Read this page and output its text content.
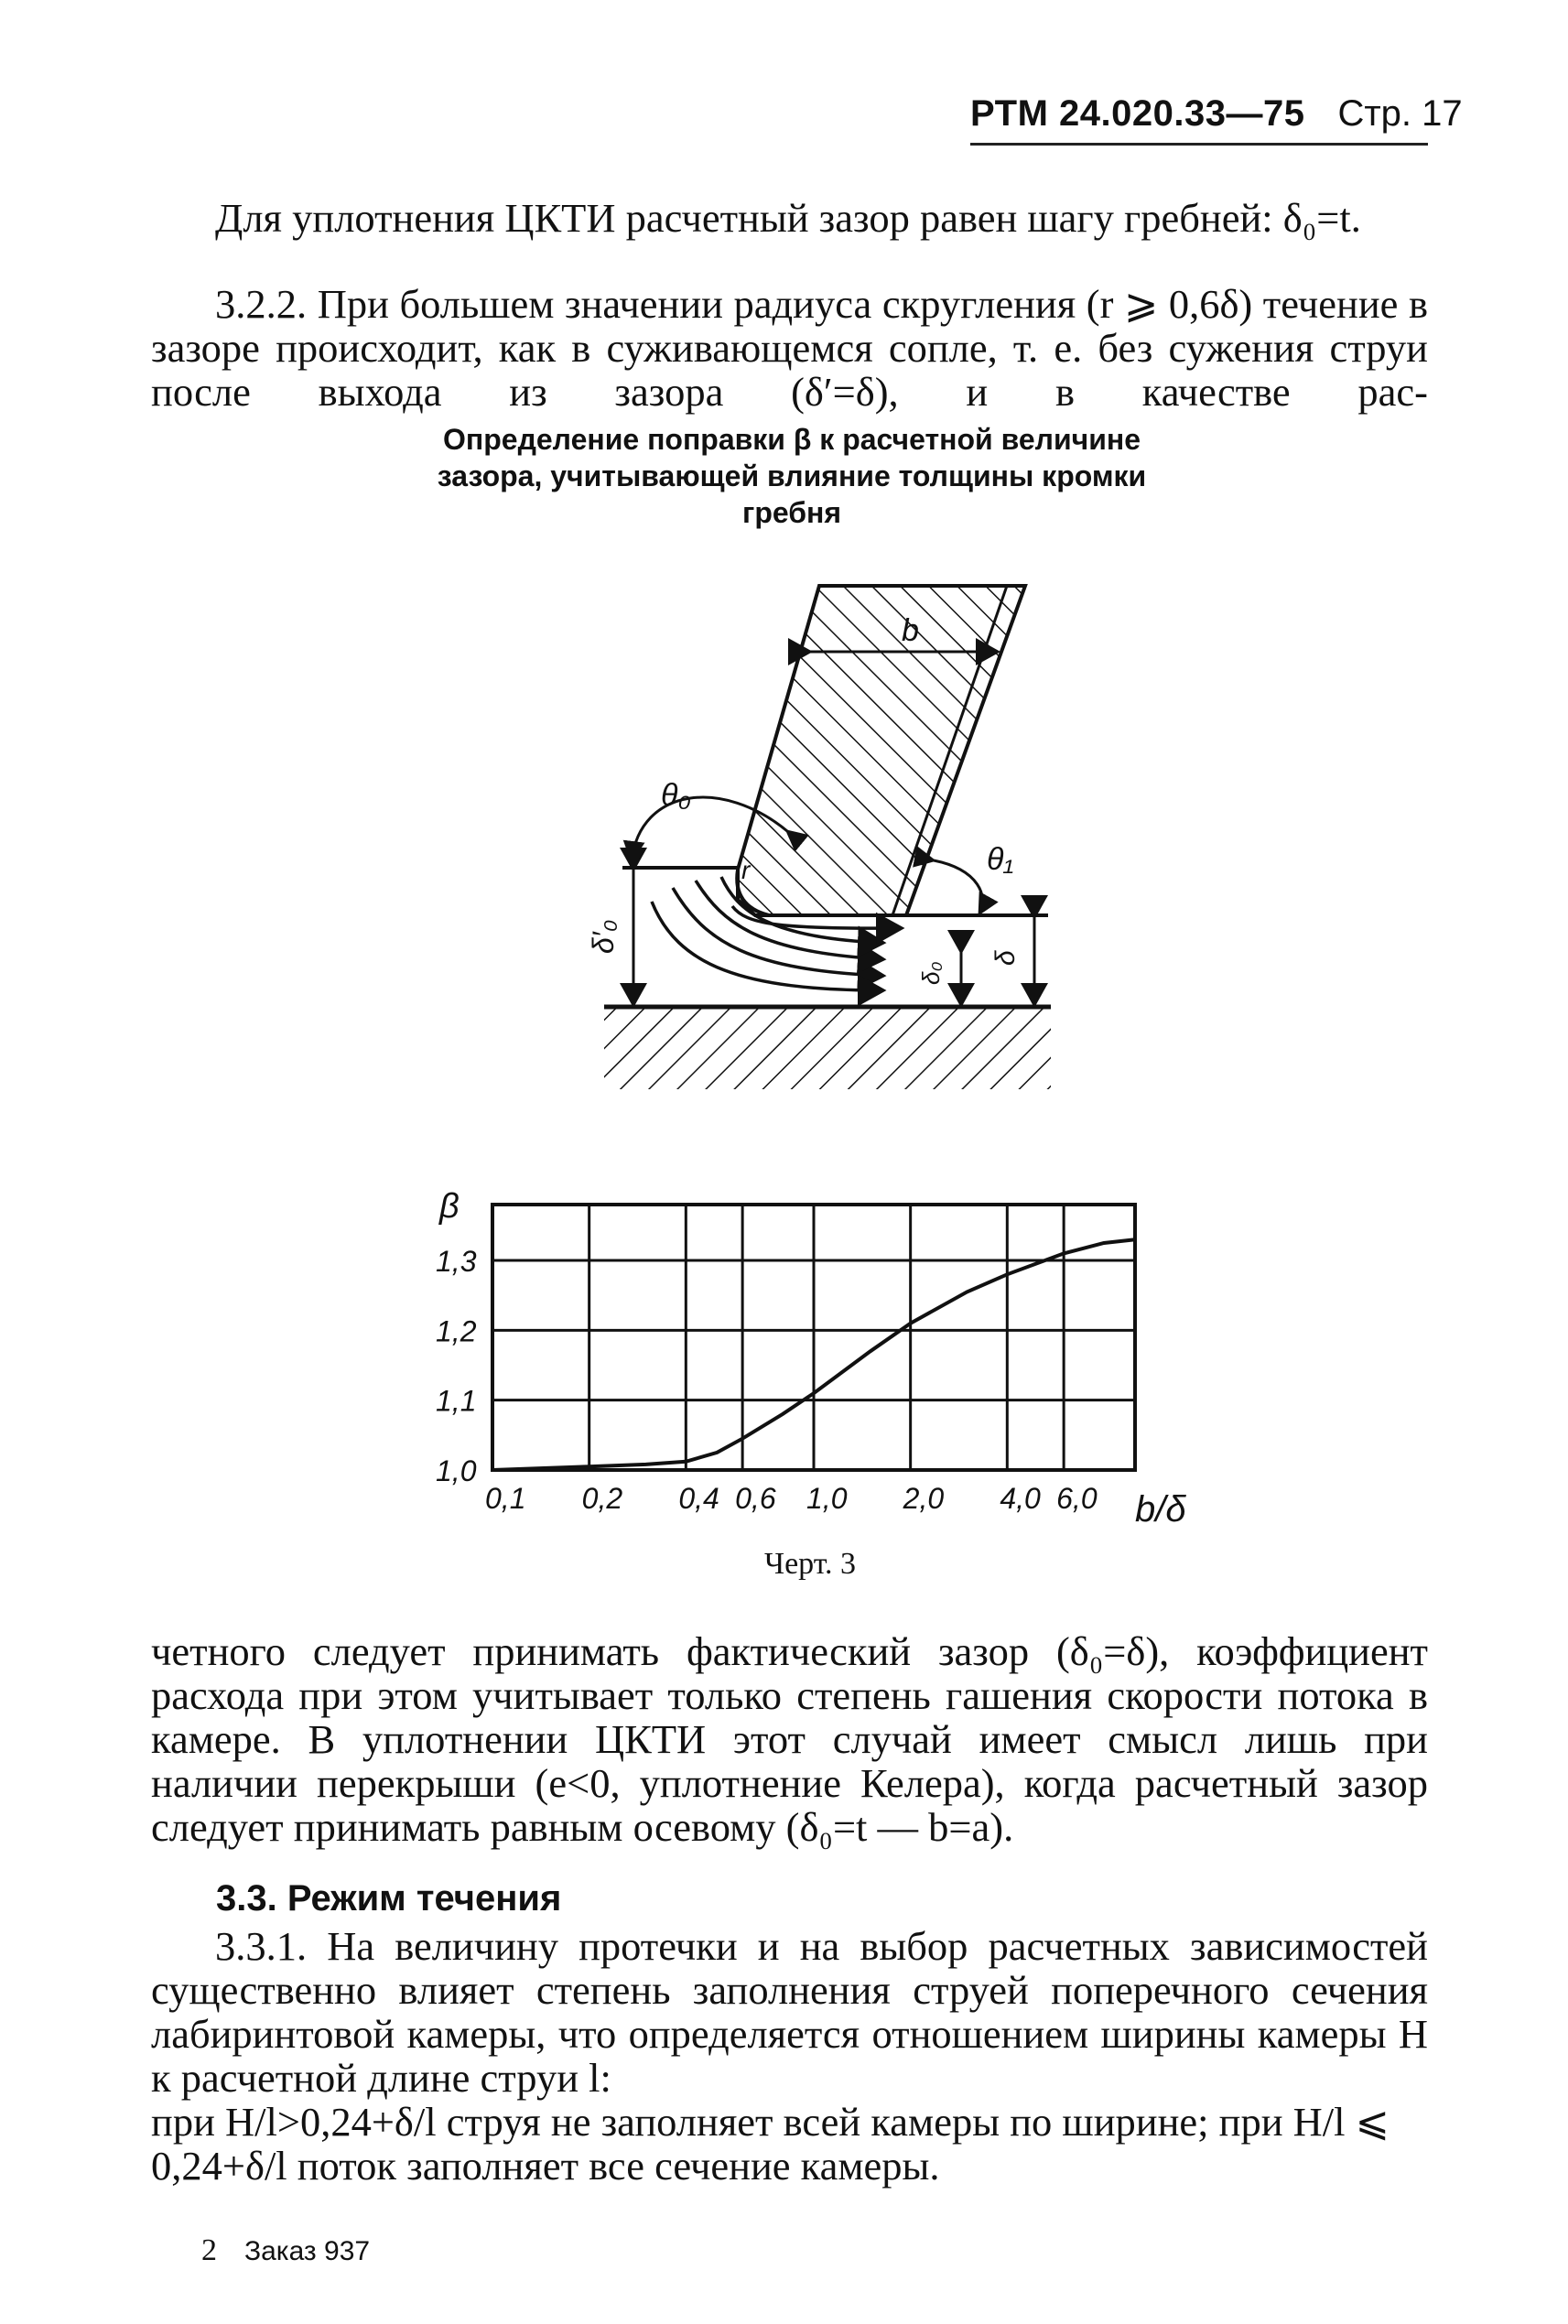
РТМ 24.020.33—75 Стр. 17

Для уплотнения ЦКТИ расчетный зазор равен шагу гребней: δ₀=t.

3.2.2. При большем значении радиуса скругления (r ⩾ 0,6δ) течение в зазоре происходит, как в суживающемся сопле, т. е. без сужения струи после выхода из зазора (δ′=δ), и в качестве рас-

Определение поправки β к расчетной величине зазора, учитывающей влияние толщины кромки гребня

b
θ₀
θ₁
r
δ′₀
δ
δ₀
0,1 0,2 0,4 0,6 1,0 2,0 4,0 6,0
1,0
1,1
1,2
1,3
β
b/δ

Черт. 3

четного следует принимать фактический зазор (δ₀=δ), коэффициент расхода при этом учитывает только степень гашения скорости потока в камере. В уплотнении ЦКТИ этот случай имеет смысл лишь при наличии перекрыши (e<0, уплотнение Келера), когда расчетный зазор следует принимать равным осевому (δ₀=t — b=a).

3.3. Режим течения

3.3.1. На величину протечки и на выбор расчетных зависимостей существенно влияет степень заполнения струей поперечного сечения лабиринтовой камеры, что определяется отношением ширины камеры H к расчетной длине струи l:

при H/l>0,24+δ/l струя не заполняет всей камеры по ширине; при H/l ⩽ 0,24+δ/l поток заполняет все сечение камеры.

2 Заказ 937
